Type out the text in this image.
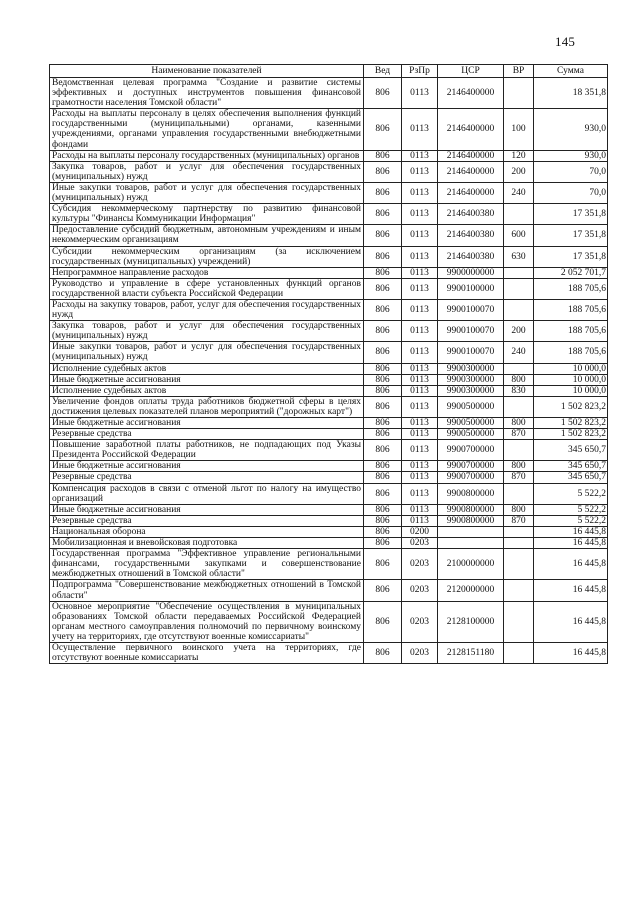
145
Наименование показателей	Вед	РзПр	ЦСР	ВР	Сумма
Ведомственная целевая программа "Создание и развитие системы эффективных и доступных инструментов повышения финансовой грамотности населения Томской области"	806	0113	2146400000		18 351,8
Расходы на выплаты персоналу в целях обеспечения выполнения функций государственными (муниципальными) органами, казенными учреждениями, органами управления государственными внебюджетными фондами	806	0113	2146400000	100	930,0
Расходы на выплаты персоналу государственных (муниципальных) органов	806	0113	2146400000	120	930,0
Закупка товаров, работ и услуг для обеспечения государственных (муниципальных) нужд	806	0113	2146400000	200	70,0
Иные закупки товаров, работ и услуг для обеспечения государственных (муниципальных) нужд	806	0113	2146400000	240	70,0
Субсидия некоммерческому партнерству по развитию финансовой культуры "Финансы Коммуникации Информация"	806	0113	2146400380		17 351,8
Предоставление субсидий бюджетным, автономным учреждениям и иным некоммерческим организациям	806	0113	2146400380	600	17 351,8
Субсидии некоммерческим организациям (за исключением государственных (муниципальных) учреждений)	806	0113	2146400380	630	17 351,8
Непрограммное направление расходов	806	0113	9900000000		2 052 701,7
Руководство и управление в сфере установленных функций органов государственной власти субъекта Российской Федерации	806	0113	9900100000		188 705,6
Расходы на закупку товаров, работ, услуг для обеспечения государственных нужд	806	0113	9900100070		188 705,6
Закупка товаров, работ и услуг для обеспечения государственных (муниципальных) нужд	806	0113	9900100070	200	188 705,6
Иные закупки товаров, работ и услуг для обеспечения государственных (муниципальных) нужд	806	0113	9900100070	240	188 705,6
Исполнение судебных актов	806	0113	9900300000		10 000,0
Иные бюджетные ассигнования	806	0113	9900300000	800	10 000,0
Исполнение судебных актов	806	0113	9900300000	830	10 000,0
Увеличение фондов оплаты труда работников бюджетной сферы в целях достижения целевых показателей планов мероприятий ("дорожных карт")	806	0113	9900500000		1 502 823,2
Иные бюджетные ассигнования	806	0113	9900500000	800	1 502 823,2
Резервные средства	806	0113	9900500000	870	1 502 823,2
Повышение заработной платы работников, не подпадающих под Указы Президента Российской Федерации	806	0113	9900700000		345 650,7
Иные бюджетные ассигнования	806	0113	9900700000	800	345 650,7
Резервные средства	806	0113	9900700000	870	345 650,7
Компенсация расходов в связи с отменой льгот по налогу на имущество организаций	806	0113	9900800000		5 522,2
Иные бюджетные ассигнования	806	0113	9900800000	800	5 522,2
Резервные средства	806	0113	9900800000	870	5 522,2
Национальная оборона	806	0200			16 445,8
Мобилизационная и вневойсковая подготовка	806	0203			16 445,8
Государственная программа "Эффективное управление региональными финансами, государственными закупками и совершенствование межбюджетных отношений в Томской области"	806	0203	2100000000		16 445,8
Подпрограмма "Совершенствование межбюджетных отношений в Томской области"	806	0203	2120000000		16 445,8
Основное мероприятие "Обеспечение осуществления в муниципальных образованиях Томской области передаваемых Российской Федерацией органам местного самоуправления полномочий по первичному воинскому учету на территориях, где отсутствуют военные комиссариаты"	806	0203	2128100000		16 445,8
Осуществление первичного воинского учета на территориях, где отсутствуют военные комиссариаты	806	0203	2128151180		16 445,8
